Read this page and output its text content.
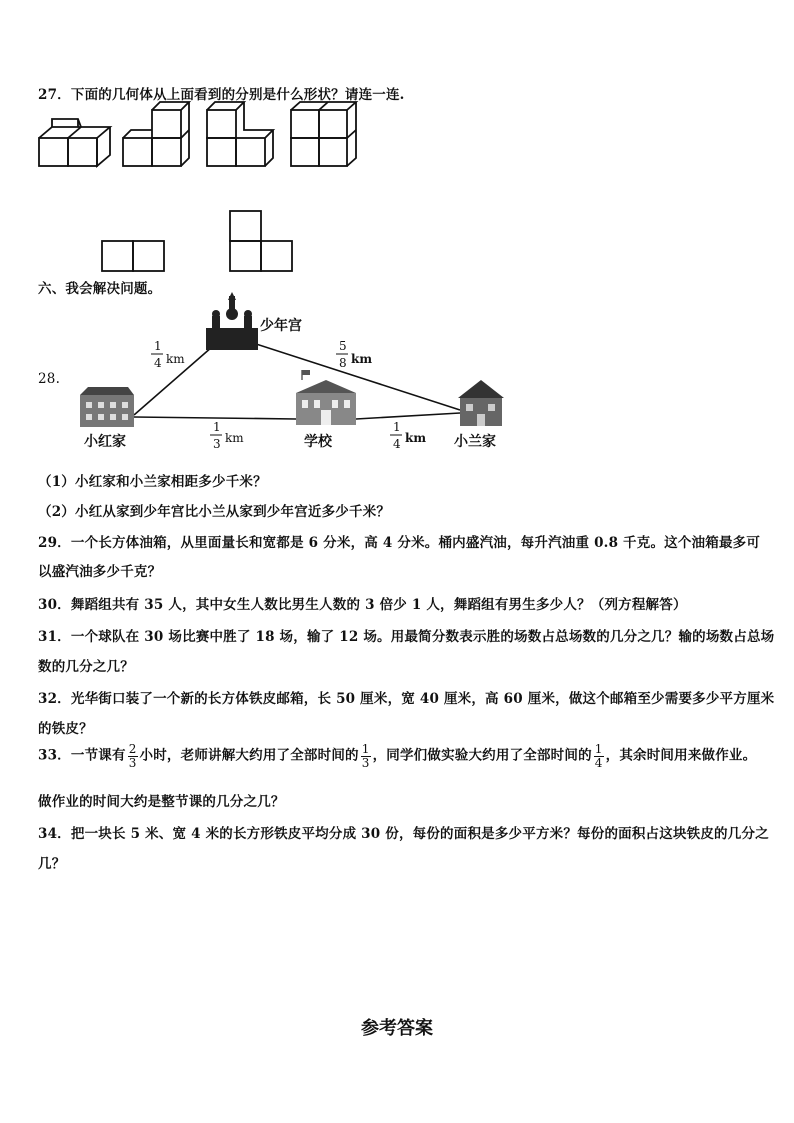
27．下面的几何体从上面看到的分别是什么形状？请连一连.
六、我会解决问题。
28.
少年宫
小红家	学校	小兰家
1
4 km
5
8 km
1
3 km
1
4 km
（1）小红家和小兰家相距多少千米？
（2）小红从家到少年宫比小兰从家到少年宫近多少千米？
29．一个长方体油箱，从里面量长和宽都是 6 分米，高 4 分米。桶内盛汽油，每升汽油重 0.8 千克。这个油箱最多可
以盛汽油多少千克？
30．舞蹈组共有 35 人，其中女生人数比男生人数的 3 倍少 1 人，舞蹈组有男生多少人？（列方程解答）
31．一个球队在 30 场比赛中胜了 18 场，输了 12 场。用最简分数表示胜的场数占总场数的几分之几？输的场数占总场
数的几分之几？
32．光华街口装了一个新的长方体铁皮邮箱，长 50 厘米，宽 40 厘米，高 60 厘米，做这个邮箱至少需要多少平方厘米
的铁皮？
33．一节课有 $\frac{2}{3}$ 小时，老师讲解大约用了全部时间的 $\frac{1}{3}$ ，同学们做实验大约用了全部时间的 $\frac{1}{4}$ ，其余时间用来做作业。
做作业的时间大约是整节课的几分之几？
34．把一块长 5 米、宽 4 米的长方形铁皮平均分成 30 份，每份的面积是多少平方米？每份的面积占这块铁皮的几分之
几？
参考答案
